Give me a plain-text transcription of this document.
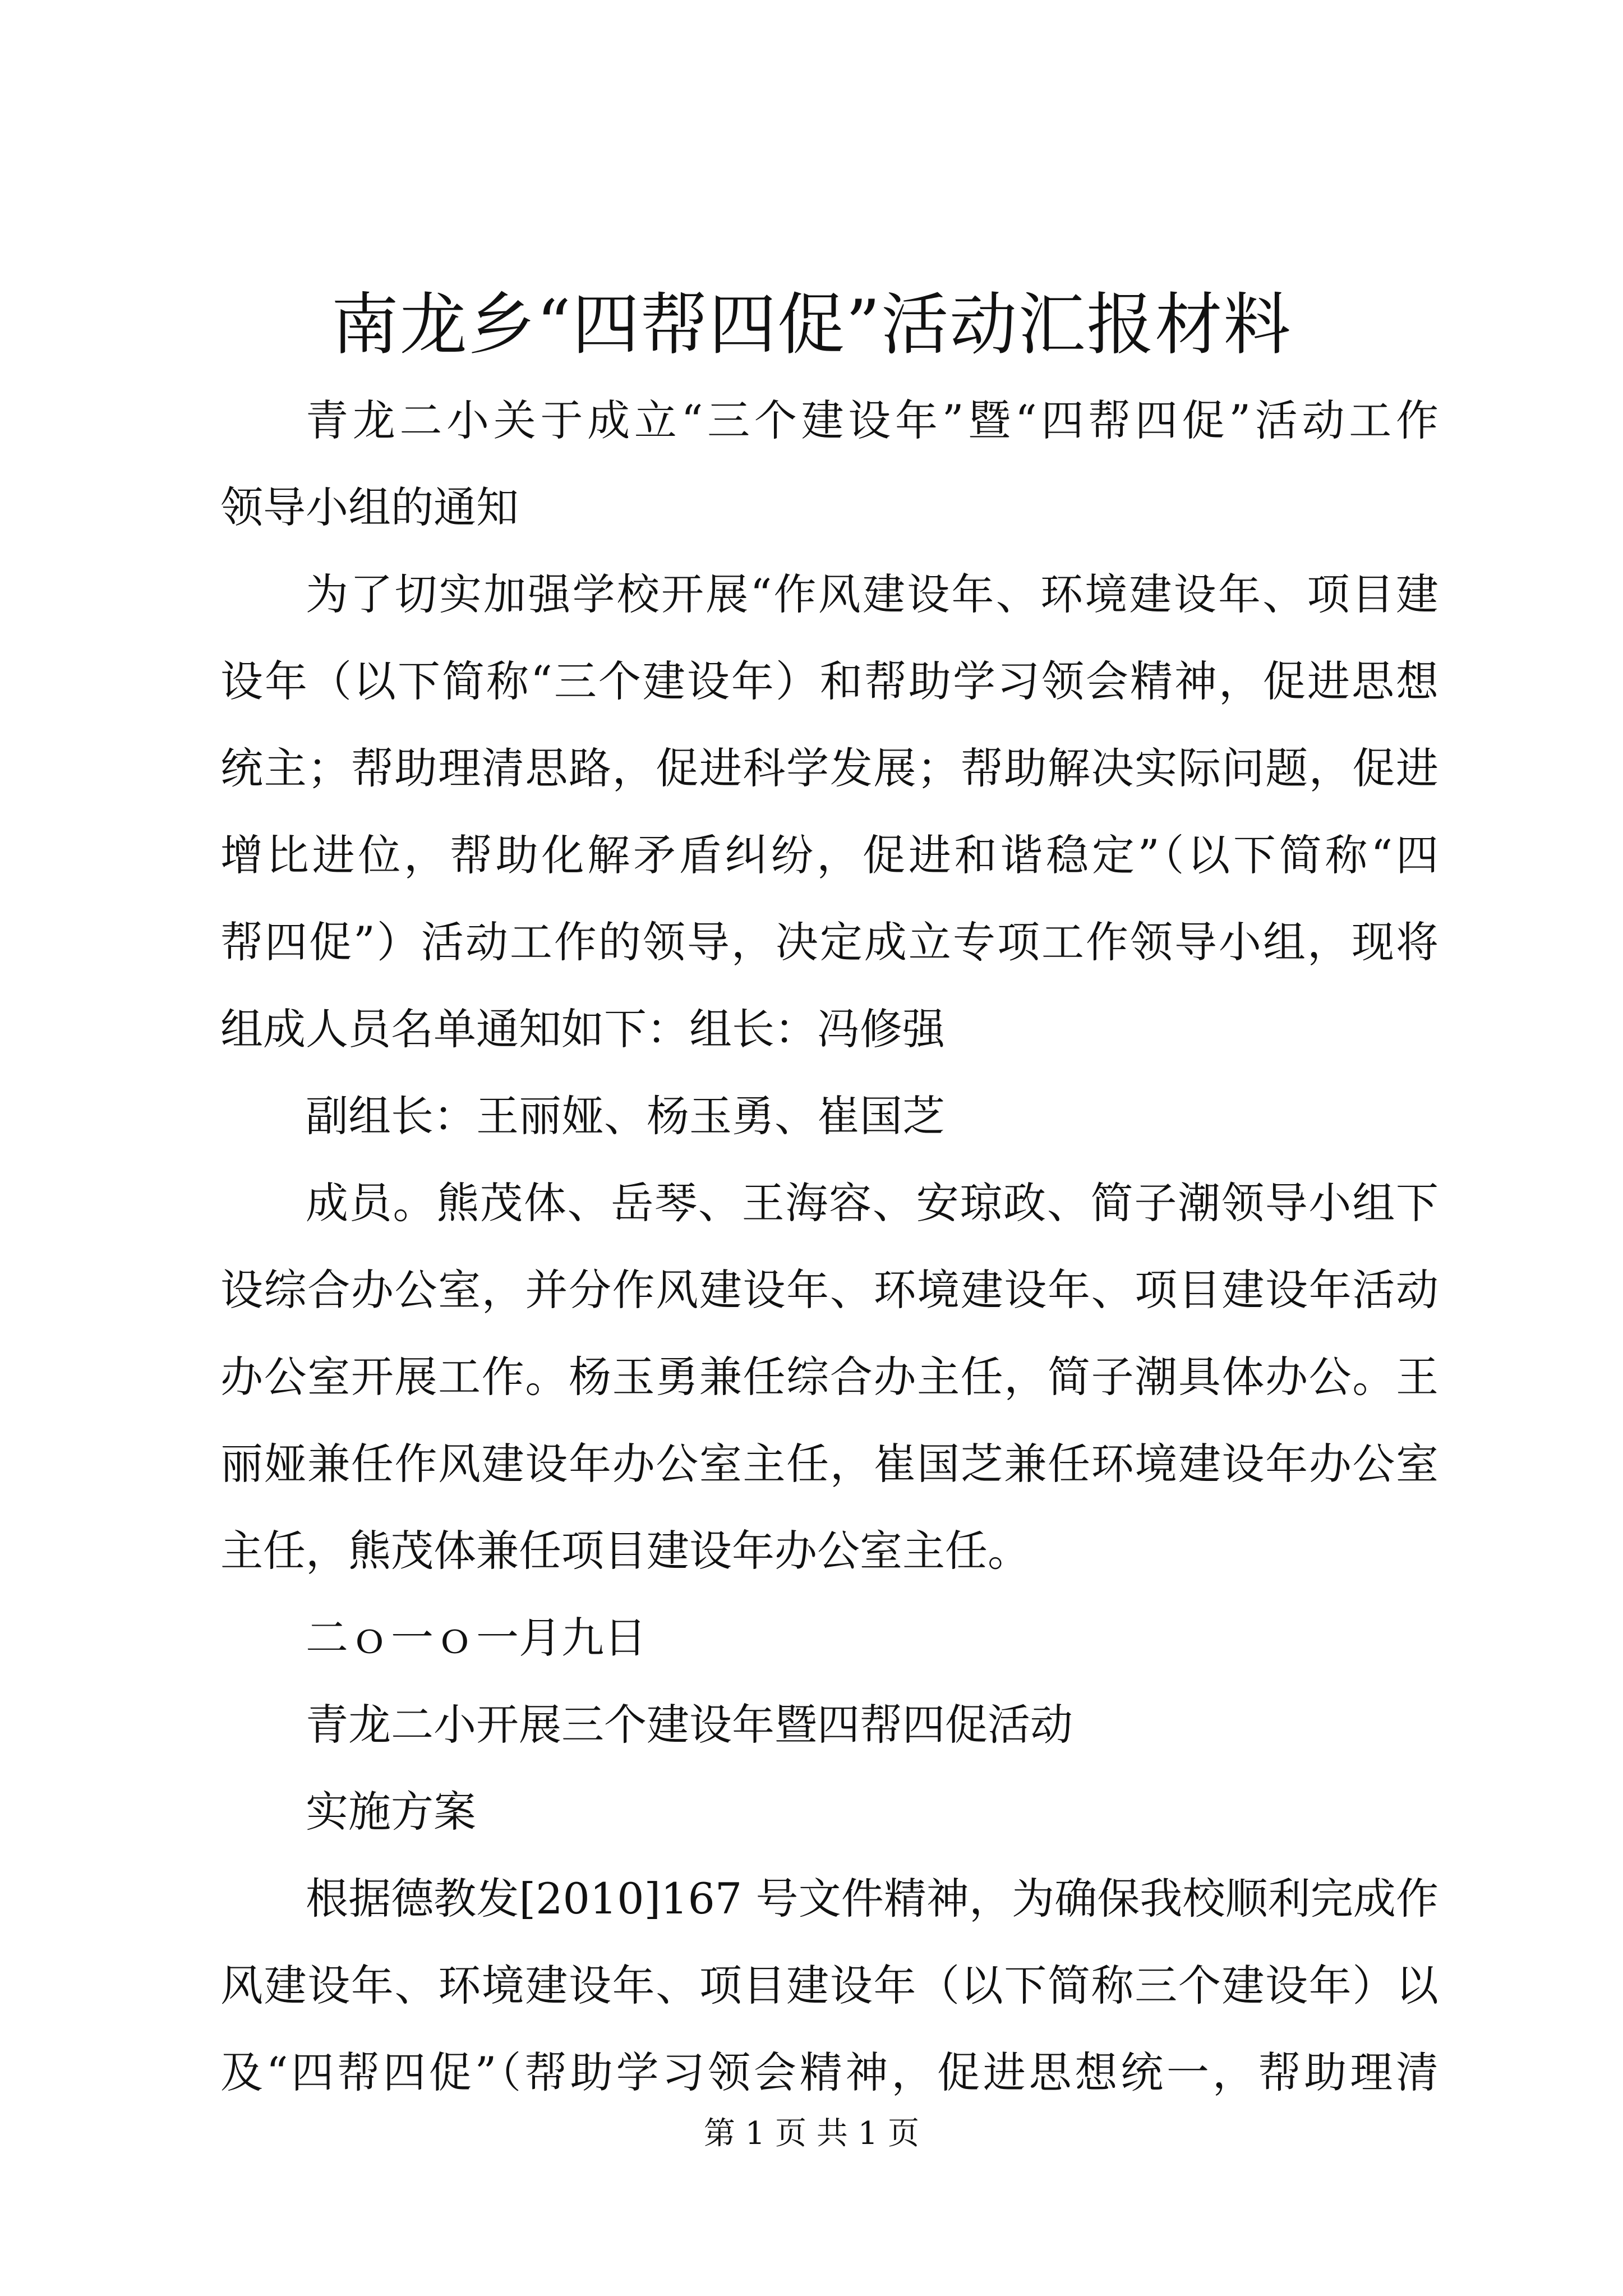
南龙乡“四帮四促”活动汇报材料
青龙二小关于成立“三个建设年”暨“四帮四促”活动工作
领导小组的通知
为了切实加强学校开展“作风建设年、环境建设年、项目建
设年（以下简称“三个建设年）和帮助学习领会精神，促进思想
统主；帮助理清思路，促进科学发展；帮助解决实际问题，促进
增比进位，帮助化解矛盾纠纷，促进和谐稳定”（以下简称“四
帮四促”）活动工作的领导，决定成立专项工作领导小组，现将
组成人员名单通知如下：组长：冯修强
副组长：王丽娅、杨玉勇、崔国芝
成员。熊茂体、岳琴、王海容、安琼政、简子潮领导小组下
设综合办公室，并分作风建设年、环境建设年、项目建设年活动
办公室开展工作。杨玉勇兼任综合办主任，简子潮具体办公。王
丽娅兼任作风建设年办公室主任，崔国芝兼任环境建设年办公室
主任，熊茂体兼任项目建设年办公室主任。
二ｏ一ｏ一月九日
青龙二小开展三个建设年暨四帮四促活动
实施方案
根据德教发[2010]167 号文件精神，为确保我校顺利完成作
风建设年、环境建设年、项目建设年（以下简称三个建设年）以
及“四帮四促”（帮助学习领会精神，促进思想统一，帮助理清
第 1 页 共 1 页
